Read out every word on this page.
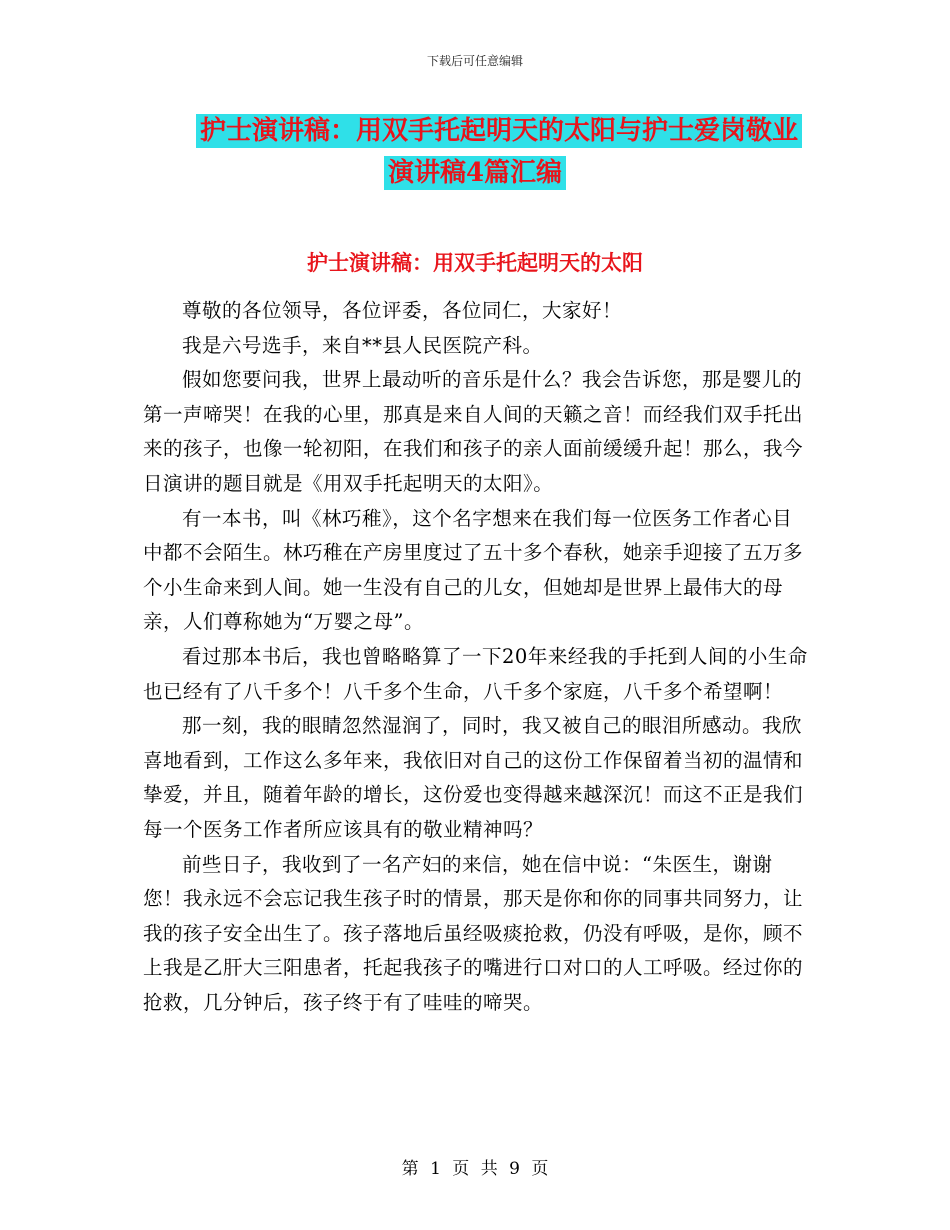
下载后可任意编辑
护士演讲稿：用双手托起明天的太阳与护士爱岗敬业
演讲稿4篇汇编
护士演讲稿：用双手托起明天的太阳

尊敬的各位领导，各位评委，各位同仁，大家好！

我是六号选手，来自**县人民医院产科。

假如您要问我，世界上最动听的音乐是什么？我会告诉您，那是婴儿的第一声啼哭！在我的心里，那真是来自人间的天籁之音！而经我们双手托出来的孩子，也像一轮初阳，在我们和孩子的亲人面前缓缓升起！那么，我今日演讲的题目就是《用双手托起明天的太阳》。

有一本书，叫《林巧稚》，这个名字想来在我们每一位医务工作者心目中都不会陌生。林巧稚在产房里度过了五十多个春秋，她亲手迎接了五万多个小生命来到人间。她一生没有自己的儿女，但她却是世界上最伟大的母亲，人们尊称她为“万婴之母”。

看过那本书后，我也曾略略算了一下20年来经我的手托到人间的小生命也已经有了八千多个！八千多个生命，八千多个家庭，八千多个希望啊！

那一刻，我的眼睛忽然湿润了，同时，我又被自己的眼泪所感动。我欣喜地看到，工作这么多年来，我依旧对自己的这份工作保留着当初的温情和挚爱，并且，随着年龄的增长，这份爱也变得越来越深沉！而这不正是我们每一个医务工作者所应该具有的敬业精神吗？

前些日子，我收到了一名产妇的来信，她在信中说：“朱医生，谢谢您！我永远不会忘记我生孩子时的情景，那天是你和你的同事共同努力，让我的孩子安全出生了。孩子落地后虽经吸痰抢救，仍没有呼吸，是你，顾不上我是乙肝大三阳患者，托起我孩子的嘴进行口对口的人工呼吸。经过你的抢救，几分钟后，孩子终于有了哇哇的啼哭。

第 1 页 共 9 页
